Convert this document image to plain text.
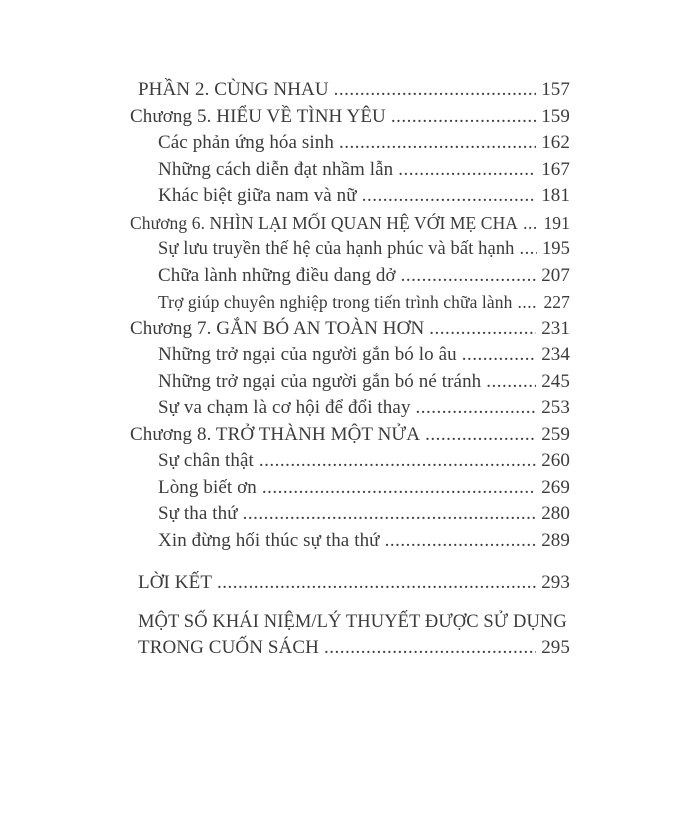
PHẦN 2. CÙNG NHAU .....	157
Chương 5. HIỂU VỀ TÌNH YÊU .....	159
Các phản ứng hóa sinh .....	162
Những cách diễn đạt nhầm lẫn .....	167
Khác biệt giữa nam và nữ .....	181
Chương 6. NHÌN LẠI MỐI QUAN HỆ VỚI MẸ CHA ..... 191
Sự lưu truyền thế hệ của hạnh phúc và bất hạnh ..... 195
Chữa lành những điều dang dở .....	207
Trợ giúp chuyên nghiệp trong tiến trình chữa lành ..... 227
Chương 7. GẮN BÓ AN TOÀN HƠN .....	231
Những trở ngại của người gắn bó lo âu .....	234
Những trở ngại của người gắn bó né tránh .....	245
Sự va chạm là cơ hội để đổi thay .....	253
Chương 8. TRỞ THÀNH MỘT NỬA .....	259
Sự chân thật .....	260
Lòng biết ơn .....	269
Sự tha thứ .....	280
Xin đừng hối thúc sự tha thứ .....	289
LỜI KẾT .....	293
MỘT SỐ KHÁI NIỆM/LÝ THUYẾT ĐƯỢC SỬ DỤNG
TRONG CUỐN SÁCH .....	295
